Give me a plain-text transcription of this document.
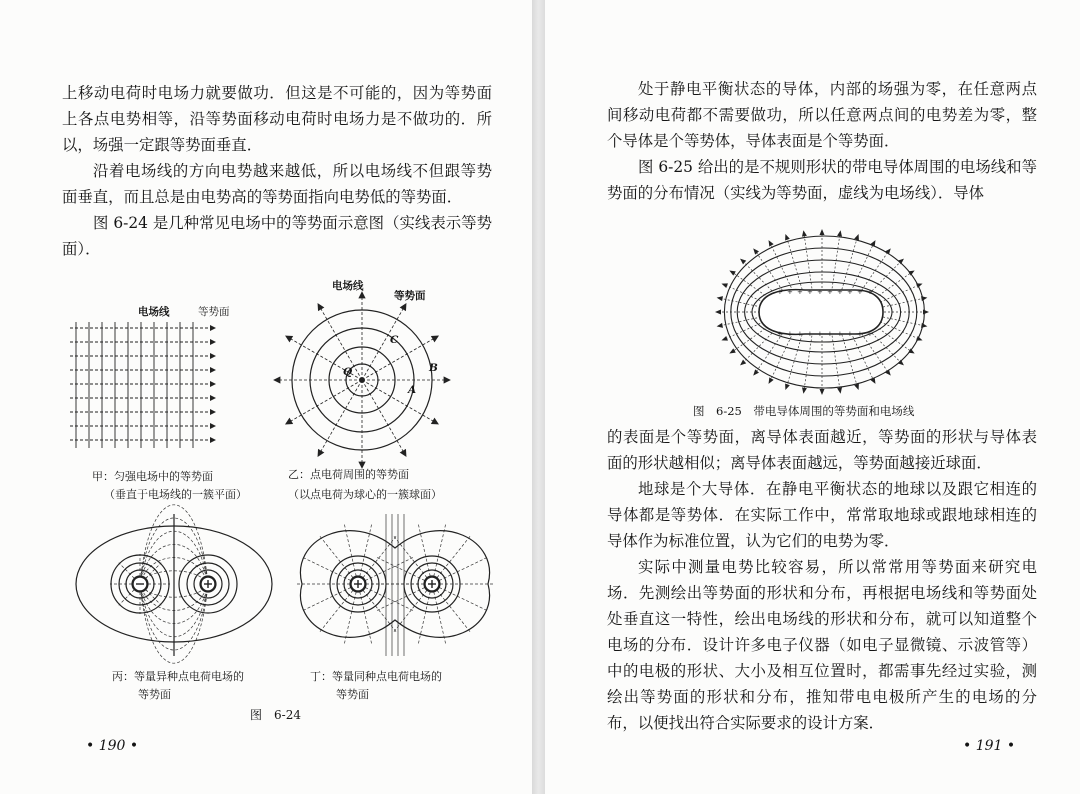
上移动电荷时电场力就要做功．但这是不可能的，因为等势面上各点电势相等，沿等势面移动电荷时电场力是不做功的．所以，场强一定跟等势面垂直．

沿着电场线的方向电势越来越低，所以电场线不但跟等势面垂直，而且总是由电势高的等势面指向电势低的等势面．

图 6-24 是几种常见电场中的等势面示意图（实线表示等势面）．

电场线	等势面
甲：匀强电场中的等势面
（垂直于电场线的一簇平面）
电场线
等势面
C
Q	B
A
乙：点电荷周围的等势面
（以点电荷为球心的一簇球面）
丙：等量异种点电荷电场的
等势面
丁：等量同种点电荷电场的
等势面
图　6-24
• 190 •

处于静电平衡状态的导体，内部的场强为零，在任意两点间移动电荷都不需要做功，所以任意两点间的电势差为零，整个导体是个等势体，导体表面是个等势面．

图 6-25 给出的是不规则形状的带电导体周围的电场线和等势面的分布情况（实线为等势面，虚线为电场线）．导体

+
+
+
+
+
+
+
+
+
+
+
+
+
+
+
+
+
+
+
+
图　6-25　带电导体周围的等势面和电场线

的表面是个等势面，离导体表面越近，等势面的形状与导体表面的形状越相似；离导体表面越远，等势面越接近球面．

地球是个大导体．在静电平衡状态的地球以及跟它相连的导体都是等势体．在实际工作中，常常取地球或跟地球相连的导体作为标准位置，认为它们的电势为零．

实际中测量电势比较容易，所以常常用等势面来研究电场．先测绘出等势面的形状和分布，再根据电场线和等势面处处垂直这一特性，绘出电场线的形状和分布，就可以知道整个电场的分布．设计许多电子仪器（如电子显微镜、示波管等）中的电极的形状、大小及相互位置时，都需事先经过实验，测绘出等势面的形状和分布，推知带电电极所产生的电场的分布，以便找出符合实际要求的设计方案．

• 191 •
